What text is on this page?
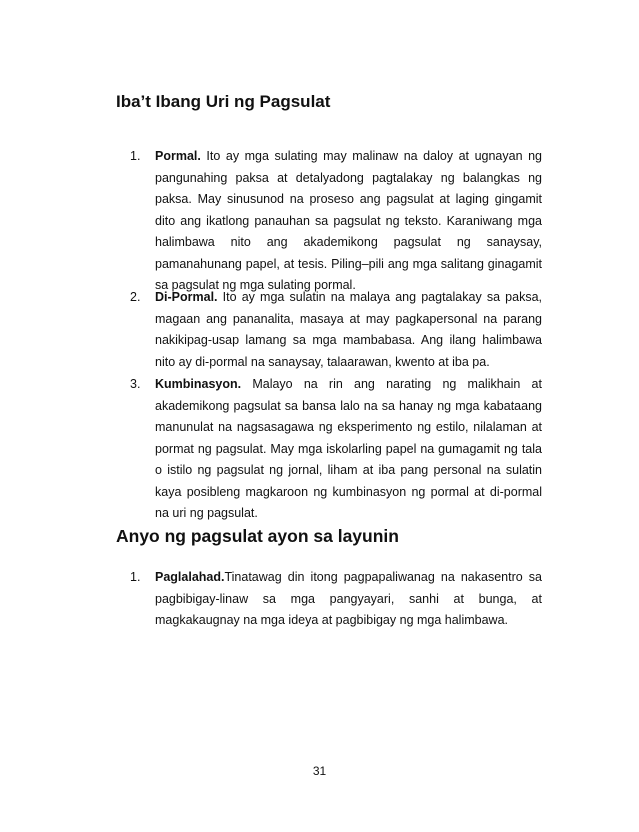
Iba’t Ibang Uri ng Pagsulat
1.	Pormal. Ito ay mga sulating may malinaw na daloy at ugnayan ng pangunahing paksa at detalyadong pagtalakay ng balangkas ng paksa. May sinusunod na proseso ang pagsulat at laging gingamit dito ang ikatlong panauhan sa pagsulat ng teksto. Karaniwang mga halimbawa nito ang akademikong pagsulat ng sanaysay, pamanahunang papel, at tesis. Piling–pili ang mga salitang ginagamit sa pagsulat ng mga sulating pormal.
2.	Di-Pormal. Ito ay mga sulatin na malaya ang pagtalakay sa paksa, magaan ang pananalita, masaya at may pagkapersonal na parang nakikipag-usap lamang sa mga mambabasa. Ang ilang halimbawa nito ay di-pormal na sanaysay, talaarawan, kwento at iba pa.
3.	Kumbinasyon. Malayo na rin ang narating ng malikhain at akademikong pagsulat sa bansa lalo na sa hanay ng mga kabataang manunulat na nagsasagawa ng eksperimento ng estilo, nilalaman at pormat ng pagsulat. May mga iskolarling papel na gumagamit ng tala o istilo ng pagsulat ng jornal, liham at iba pang personal na sulatin kaya posibleng magkaroon ng kumbinasyon ng pormal at di-pormal na uri ng pagsulat.
Anyo ng pagsulat ayon sa layunin
1.	Paglalahad.Tinatawag din itong pagpapaliwanag na nakasentro sa pagbibigay-linaw sa mga pangyayari, sanhi at bunga, at magkakaugnay na mga ideya at pagbibigay ng mga halimbawa.
31
